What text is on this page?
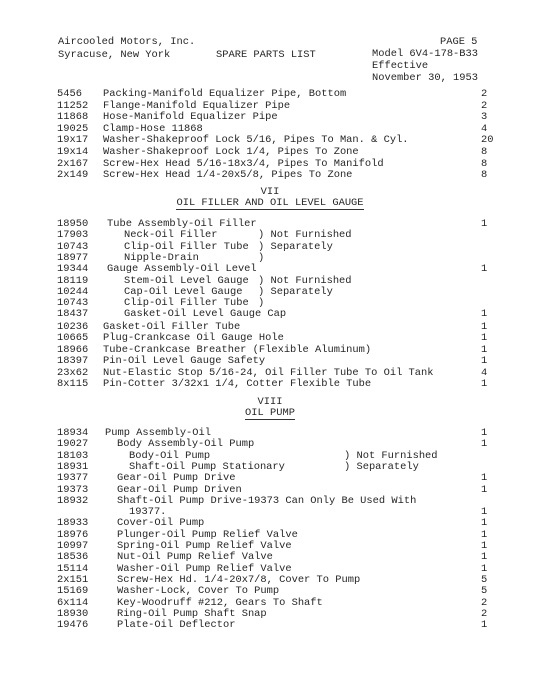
Aircooled Motors, Inc.
Syracuse, New York	SPARE PARTS LIST
PAGE 5
Model 6V4-178-B33
Effective
November 30, 1953
5456 Packing-Manifold Equalizer Pipe, Bottom	2
11252 Flange-Manifold Equalizer Pipe	2
11868 Hose-Manifold Equalizer Pipe	3
19025 Clamp-Hose 11868	4
19x17 Washer-Shakeproof Lock 5/16, Pipes To Man. & Cyl.	20
19x14 Washer-Shakeproof Lock 1/4, Pipes To Zone	8
2x167 Screw-Hex Head 5/16-18x3/4, Pipes To Manifold	8
2x149 Screw-Hex Head 1/4-20x5/8, Pipes To Zone	8
VII
OIL FILLER AND OIL LEVEL GAUGE
18950 Tube Assembly-Oil Filler	1
17903	Neck-Oil Filler	) Not Furnished
10743	Clip-Oil Filler Tube ) Separately
18977	Nipple-Drain	)
19344 Gauge Assembly-Oil Level	1
18119	Stem-Oil Level Gauge ) Not Furnished
10244	Cap-Oil Level Gauge ) Separately
10743	Clip-Oil Filler Tube )
18437	Gasket-Oil Level Gauge Cap	1
10236 Gasket-Oil Filler Tube	1
10665 Plug-Crankcase Oil Gauge Hole	1
18966 Tube-Crankcase Breather (Flexible Aluminum)	1
18397 Pin-Oil Level Gauge Safety	1
23x62 Nut-Elastic Stop 5/16-24, Oil Filler Tube To Oil Tank	4
8x115 Pin-Cotter 3/32x1 1/4, Cotter Flexible Tube	1
VIII
OIL PUMP
18934 Pump Assembly-Oil	1
19027	Body Assembly-Oil Pump	1
18103	Body-Oil Pump	) Not Furnished
18931	Shaft-Oil Pump Stationary	) Separately
19377	Gear-Oil Pump Drive	1
19373	Gear-Oil Pump Driven	1
18932	Shaft-Oil Pump Drive-19373 Can Only Be Used With
19377.	1
18933	Cover-Oil Pump	1
18976	Plunger-Oil Pump Relief Valve	1
10997	Spring-Oil Pump Relief Valve	1
18536	Nut-Oil Pump Relief Valve	1
15114	Washer-Oil Pump Relief Valve	1
2x151	Screw-Hex Hd. 1/4-20x7/8, Cover To Pump	5
15169	Washer-Lock, Cover To Pump	5
6x114	Key-Woodruff #212, Gears To Shaft	2
18930	Ring-Oil Pump Shaft Snap	2
19476	Plate-Oil Deflector	1
